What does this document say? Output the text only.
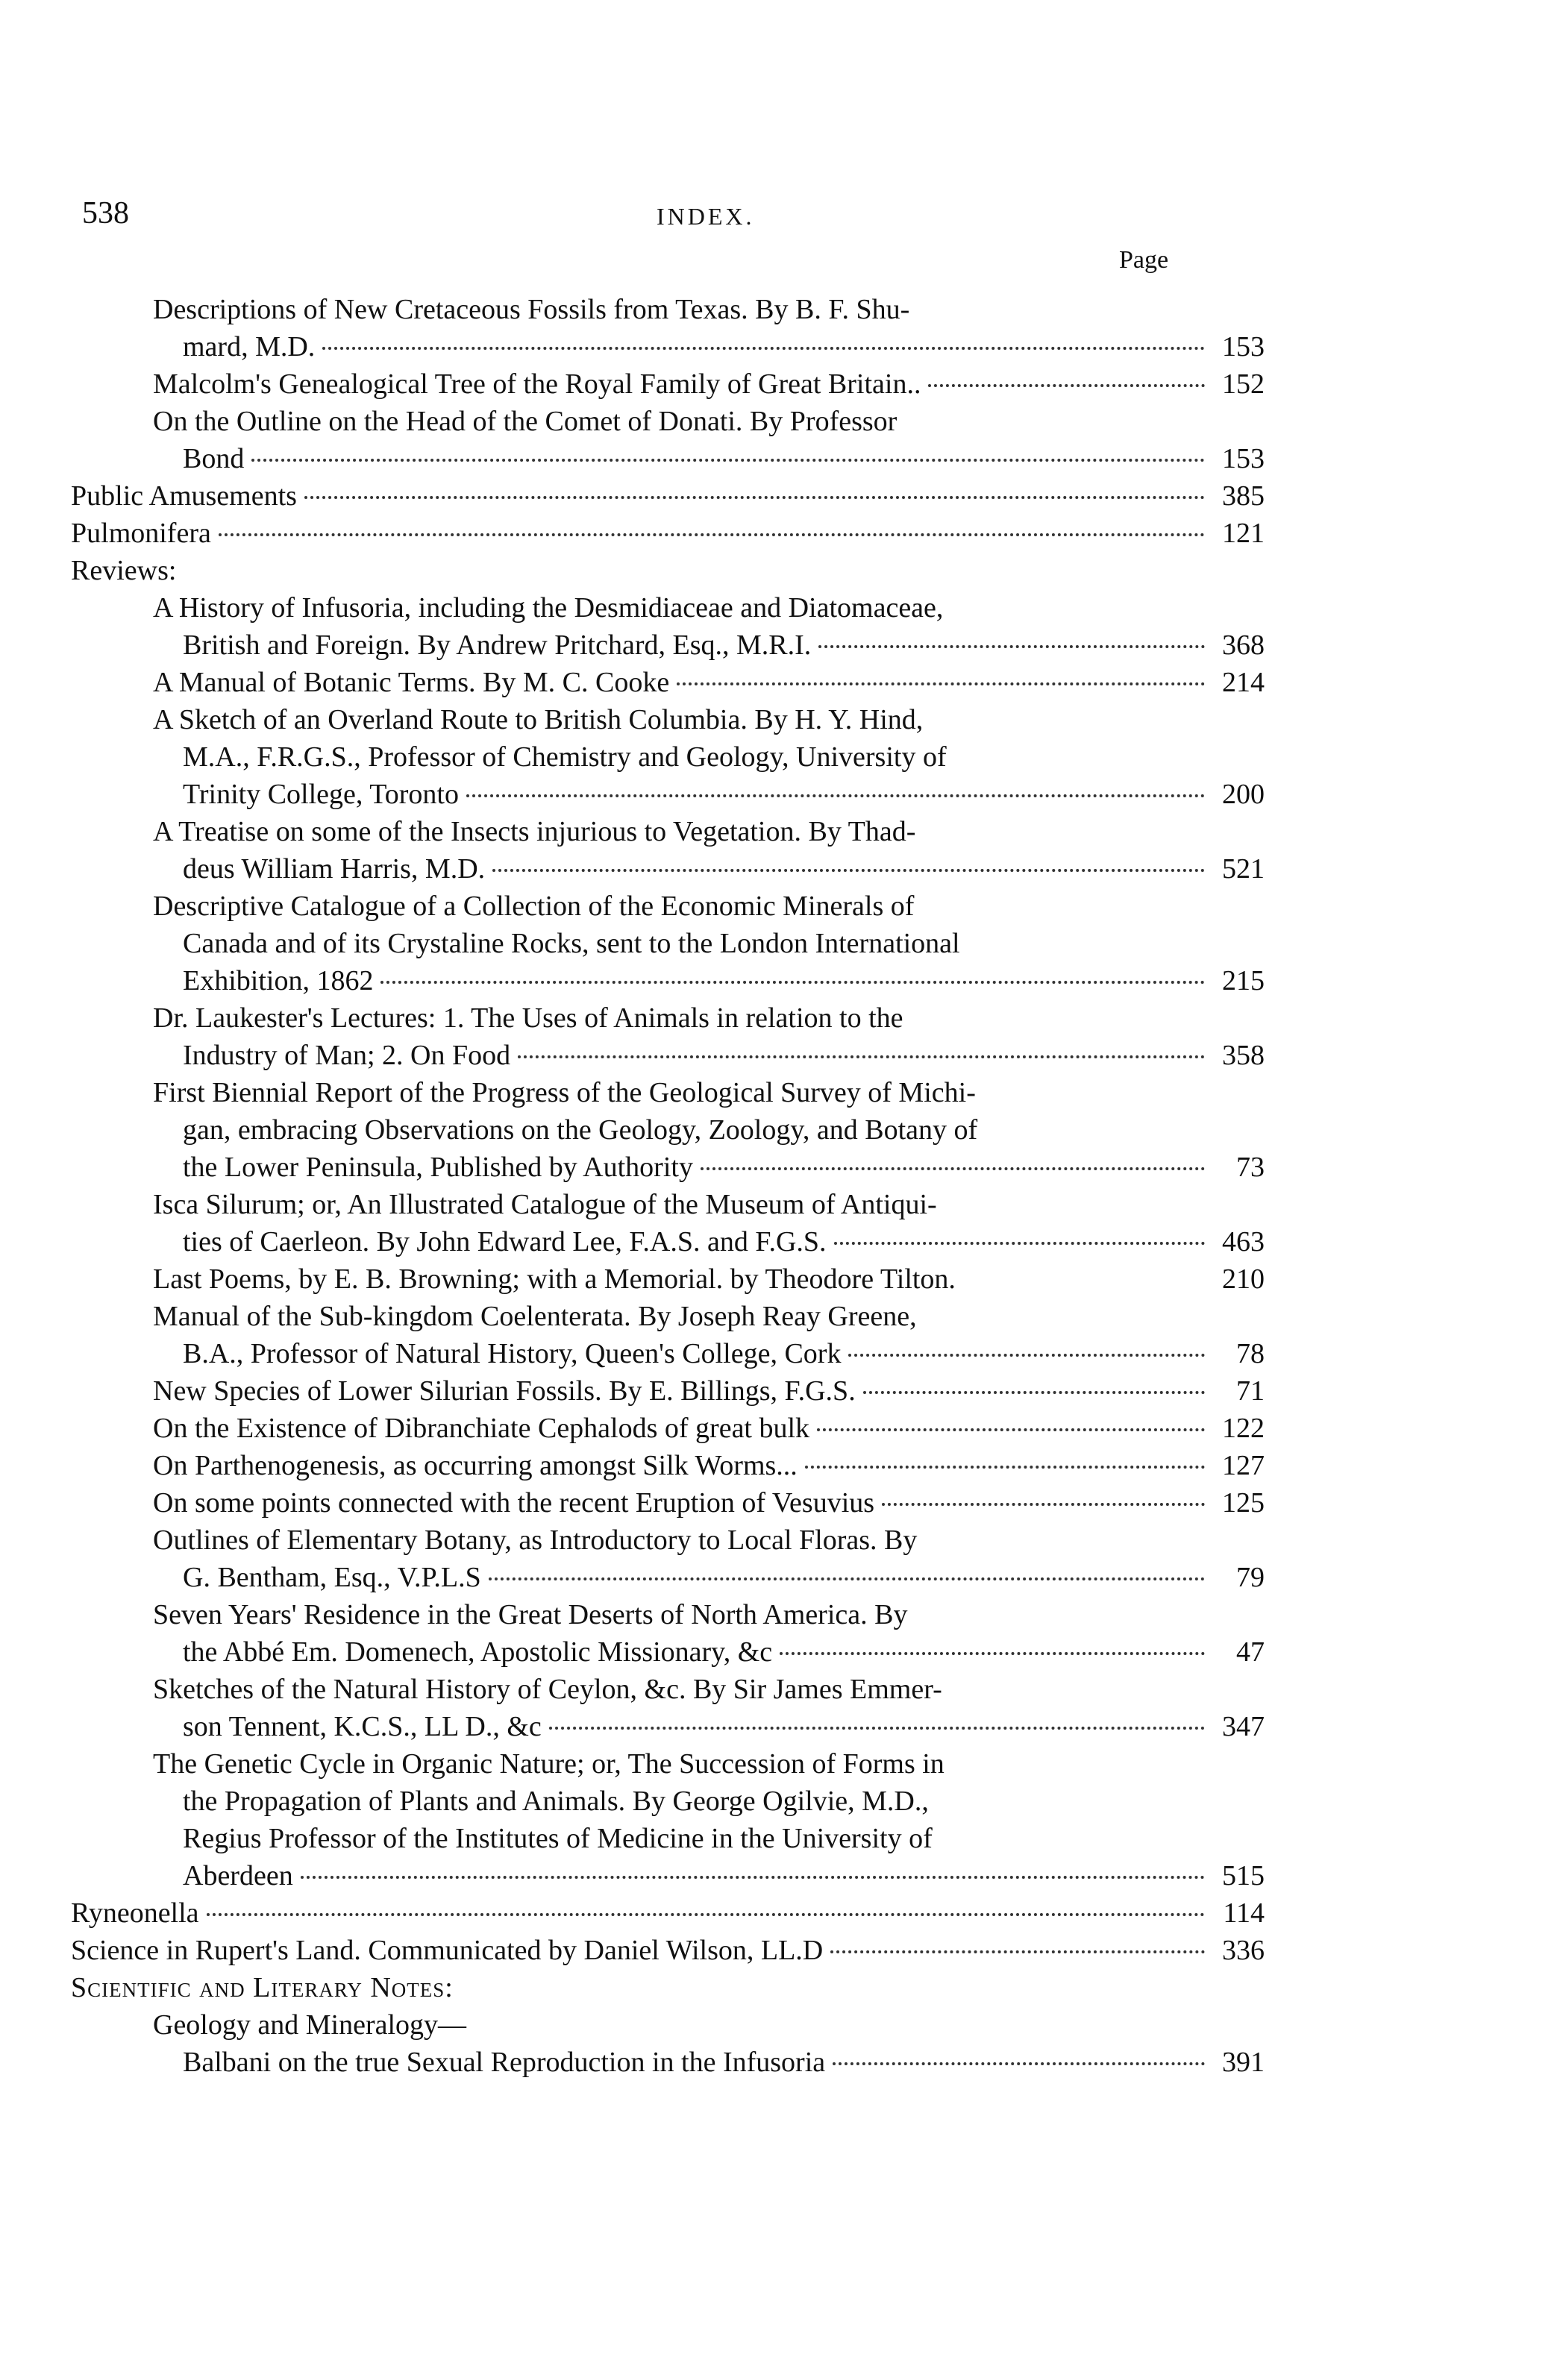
538	INDEX.
Page
Descriptions of New Cretaceous Fossils from Texas. By B. F. Shu-
mard, M.D.	153
Malcolm's Genealogical Tree of the Royal Family of Great Britain..	152
On the Outline on the Head of the Comet of Donati. By Professor
Bond	153
Public Amusements	385
Pulmonifera	121
Reviews:
A History of Infusoria, including the Desmidiaceae and Diatomaceae,
British and Foreign. By Andrew Pritchard, Esq., M.R.I.	368
A Manual of Botanic Terms. By M. C. Cooke	214
A Sketch of an Overland Route to British Columbia. By H. Y. Hind,
M.A., F.R.G.S., Professor of Chemistry and Geology, University of
Trinity College, Toronto	200
A Treatise on some of the Insects injurious to Vegetation. By Thad-
deus William Harris, M.D.	521
Descriptive Catalogue of a Collection of the Economic Minerals of
Canada and of its Crystaline Rocks, sent to the London International
Exhibition, 1862	215
Dr. Laukester's Lectures: 1. The Uses of Animals in relation to the
Industry of Man; 2. On Food	358
First Biennial Report of the Progress of the Geological Survey of Michi-
gan, embracing Observations on the Geology, Zoology, and Botany of
the Lower Peninsula, Published by Authority	73
Isca Silurum; or, An Illustrated Catalogue of the Museum of Antiqui-
ties of Caerleon. By John Edward Lee, F.A.S. and F.G.S.	463
Last Poems, by E. B. Browning; with a Memorial. by Theodore Tilton.	210
Manual of the Sub-kingdom Coelenterata. By Joseph Reay Greene,
B.A., Professor of Natural History, Queen's College, Cork	78
New Species of Lower Silurian Fossils. By E. Billings, F.G.S.	71
On the Existence of Dibranchiate Cephalods of great bulk	122
On Parthenogenesis, as occurring amongst Silk Worms...	127
On some points connected with the recent Eruption of Vesuvius	125
Outlines of Elementary Botany, as Introductory to Local Floras. By
G. Bentham, Esq., V.P.L.S	79
Seven Years' Residence in the Great Deserts of North America. By
the Abbé Em. Domenech, Apostolic Missionary, &c	47
Sketches of the Natural History of Ceylon, &c. By Sir James Emmer-
son Tennent, K.C.S., LL D., &c	347
The Genetic Cycle in Organic Nature; or, The Succession of Forms in
the Propagation of Plants and Animals. By George Ogilvie, M.D.,
Regius Professor of the Institutes of Medicine in the University of
Aberdeen	515
Ryneonella	114
Science in Rupert's Land. Communicated by Daniel Wilson, LL.D	336
Scientific and Literary Notes:
Geology and Mineralogy—
Balbani on the true Sexual Reproduction in the Infusoria	391
